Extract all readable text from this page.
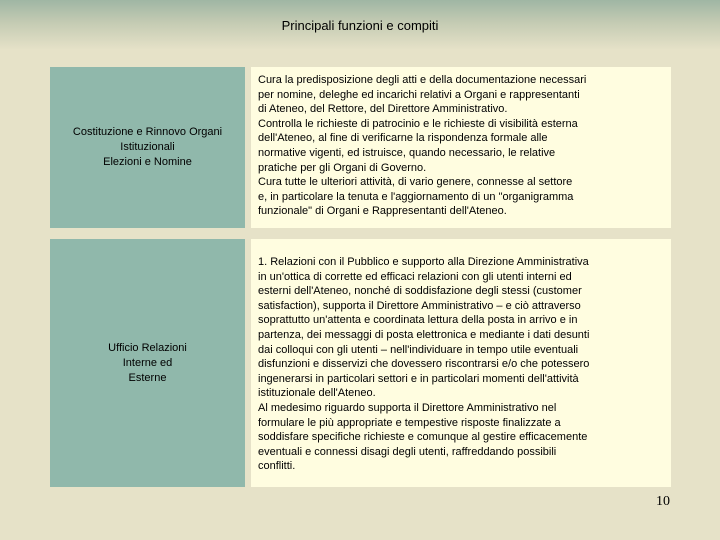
Principali funzioni e compiti
Costituzione e Rinnovo Organi
Istituzionali
Elezioni e Nomine
Cura la predisposizione degli atti e della documentazione necessari
per nomine, deleghe ed incarichi relativi a Organi e rappresentanti
di Ateneo, del Rettore, del Direttore Amministrativo.
Controlla le richieste di patrocinio e le richieste di visibilità esterna
dell'Ateneo, al fine di verificarne la rispondenza formale alle
normative vigenti, ed istruisce, quando necessario, le relative
pratiche per gli Organi di Governo.
Cura tutte le ulteriori attività, di vario genere, connesse al settore
e, in particolare la tenuta e l'aggiornamento di un "organigramma
funzionale" di Organi e Rappresentanti dell'Ateneo.
Ufficio Relazioni
Interne ed
Esterne
1. Relazioni con il Pubblico e supporto alla Direzione Amministrativa
in un'ottica di corrette ed efficaci relazioni con gli utenti interni ed
esterni dell'Ateneo, nonché di soddisfazione degli stessi (customer
satisfaction), supporta il Direttore Amministrativo – e ciò attraverso
soprattutto un'attenta e coordinata lettura della posta in arrivo e in
partenza, dei messaggi di posta elettronica e mediante i dati desunti
dai colloqui con gli utenti – nell'individuare in tempo utile eventuali
disfunzioni e disservizi che dovessero riscontrarsi e/o che potessero
ingenerarsi in particolari settori e in particolari momenti dell'attività
istituzionale dell'Ateneo.
Al medesimo riguardo supporta il Direttore Amministrativo nel
formulare le più appropriate e tempestive risposte finalizzate a
soddisfare specifiche richieste e comunque al gestire efficacemente
eventuali e connessi disagi degli utenti, raffreddando possibili
conflitti.
10
